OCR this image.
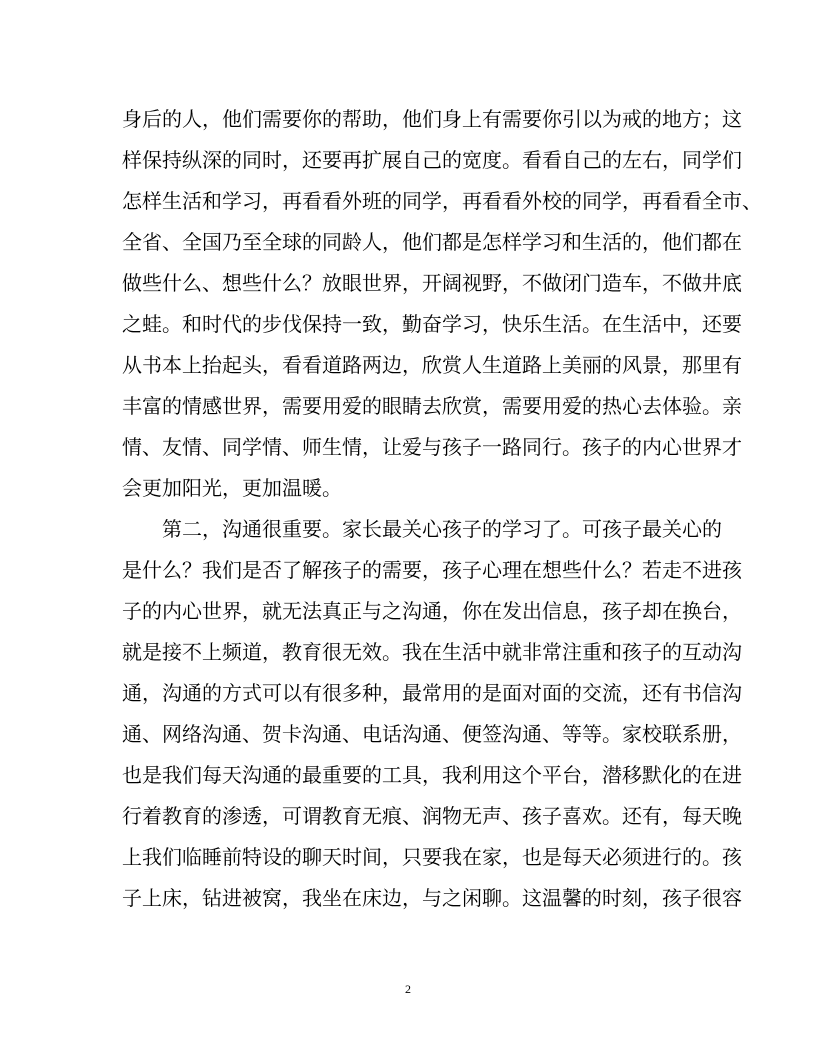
身后的人，他们需要你的帮助，他们身上有需要你引以为戒的地方；这
样保持纵深的同时，还要再扩展自己的宽度。看看自己的左右，同学们
怎样生活和学习，再看看外班的同学，再看看外校的同学，再看看全市、
全省、全国乃至全球的同龄人，他们都是怎样学习和生活的，他们都在
做些什么、想些什么？放眼世界，开阔视野，不做闭门造车，不做井底
之蛙。和时代的步伐保持一致，勤奋学习，快乐生活。在生活中，还要
从书本上抬起头，看看道路两边，欣赏人生道路上美丽的风景，那里有
丰富的情感世界，需要用爱的眼睛去欣赏，需要用爱的热心去体验。亲
情、友情、同学情、师生情，让爱与孩子一路同行。孩子的内心世界才
会更加阳光，更加温暖。
第二，沟通很重要。家长最关心孩子的学习了。可孩子最关心的
是什么？我们是否了解孩子的需要，孩子心理在想些什么？若走不进孩
子的内心世界，就无法真正与之沟通，你在发出信息，孩子却在换台，
就是接不上频道，教育很无效。我在生活中就非常注重和孩子的互动沟
通，沟通的方式可以有很多种，最常用的是面对面的交流，还有书信沟
通、网络沟通、贺卡沟通、电话沟通、便签沟通、等等。家校联系册，
也是我们每天沟通的最重要的工具，我利用这个平台，潜移默化的在进
行着教育的渗透，可谓教育无痕、润物无声、孩子喜欢。还有，每天晚
上我们临睡前特设的聊天时间，只要我在家，也是每天必须进行的。孩
子上床，钻进被窝，我坐在床边，与之闲聊。这温馨的时刻，孩子很容
2
